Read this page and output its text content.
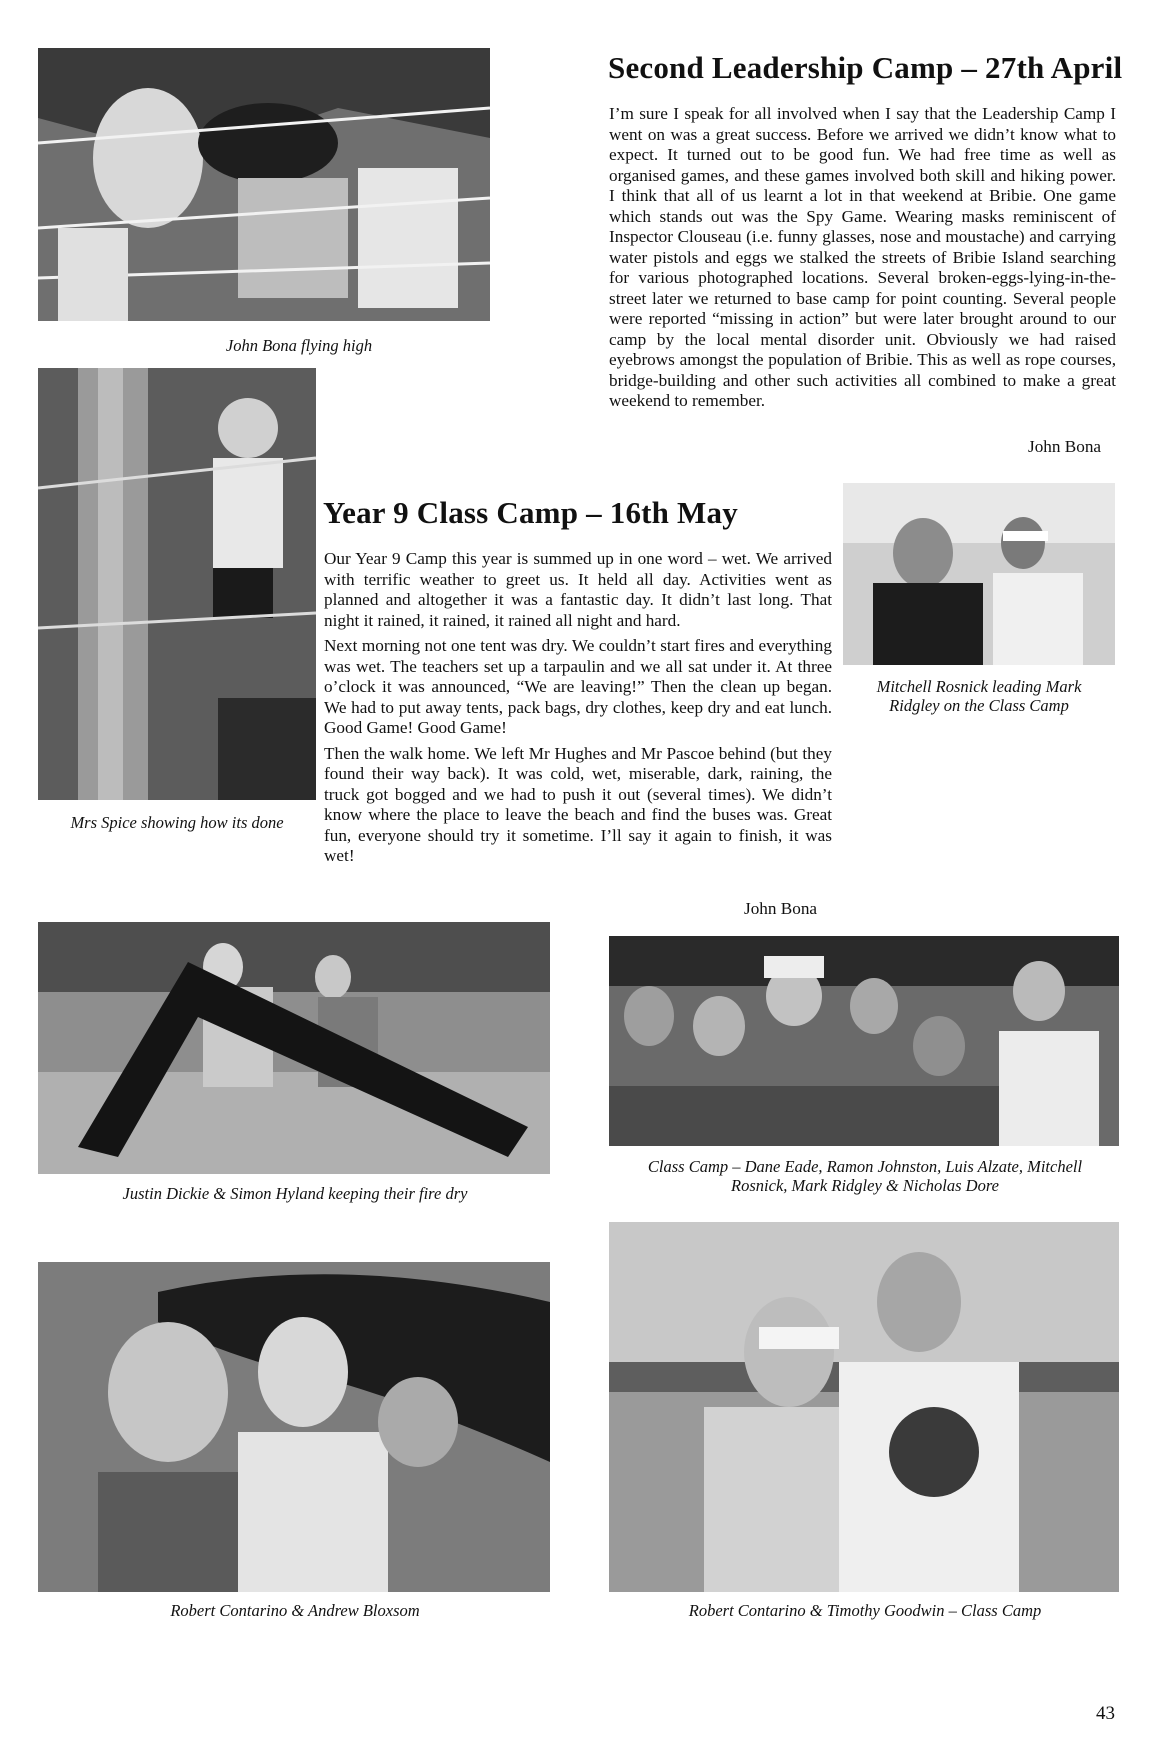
John Bona flying high
Mrs Spice showing how its done
Second Leadership Camp – 27th April

I’m sure I speak for all involved when I say that the Leadership Camp I went on was a great success. Before we arrived we didn’t know what to expect. It turned out to be good fun. We had free time as well as organised games, and these games involved both skill and hiking power. I think that all of us learnt a lot in that weekend at Bribie. One game which stands out was the Spy Game. Wearing masks reminiscent of Inspector Clouseau (i.e. funny glasses, nose and moustache) and carrying water pistols and eggs we stalked the streets of Bribie Island searching for various photographed locations. Several broken-eggs-lying-in-the-street later we returned to base camp for point counting. Several people were reported “missing in action” but were later brought around to our camp by the local mental disorder unit. Obviously we had raised eyebrows amongst the population of Bribie. This as well as rope courses, bridge-building and other such activities all combined to make a great weekend to remember.

John Bona
Mitchell Rosnick leading Mark Ridgley on the Class Camp
Year 9 Class Camp – 16th May

Our Year 9 Camp this year is summed up in one word – wet. We arrived with terrific weather to greet us. It held all day. Activities went as planned and altogether it was a fantastic day. It didn’t last long. That night it rained, it rained, it rained all night and hard.

Next morning not one tent was dry. We couldn’t start fires and everything was wet. The teachers set up a tarpaulin and we all sat under it. At three o’clock it was announced, “We are leaving!” Then the clean up began. We had to put away tents, pack bags, dry clothes, keep dry and eat lunch. Good Game! Good Game!

Then the walk home. We left Mr Hughes and Mr Pascoe behind (but they found their way back). It was cold, wet, miserable, dark, raining, the truck got bogged and we had to push it out (several times). We didn’t know where the place to leave the beach and find the buses was. Great fun, everyone should try it sometime. I’ll say it again to finish, it was wet!

John Bona
Justin Dickie & Simon Hyland keeping their fire dry
Class Camp – Dane Eade, Ramon Johnston, Luis Alzate, Mitchell Rosnick, Mark Ridgley & Nicholas Dore
Robert Contarino & Andrew Bloxsom	Robert Contarino & Timothy Goodwin – Class Camp
43
